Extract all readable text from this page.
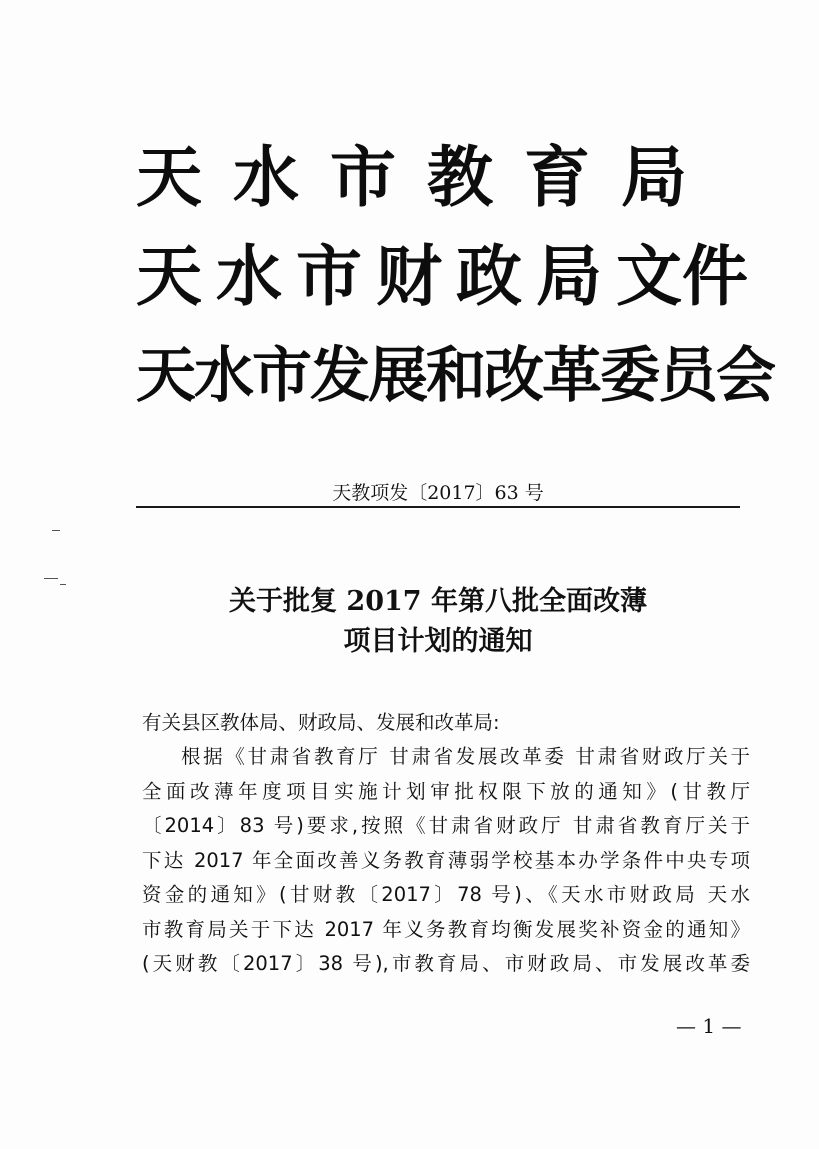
天水市教育局
天水市财政局文件
天水市发展和改革委员会
天教项发〔2017〕63 号
关于批复 2017 年第八批全面改薄
项目计划的通知
有关县区教体局、财政局、发展和改革局:
根据《甘肃省教育厅 甘肃省发展改革委 甘肃省财政厅关于
全面改薄年度项目实施计划审批权限下放的通知》(甘教厅
〔2014〕83 号)要求,按照《甘肃省财政厅 甘肃省教育厅关于
下达 2017 年全面改善义务教育薄弱学校基本办学条件中央专项
资金的通知》(甘财教〔2017〕78 号)、《天水市财政局 天水
市教育局关于下达 2017 年义务教育均衡发展奖补资金的通知》
(天财教〔2017〕38 号),市教育局、市财政局、市发展改革委
— 1 —
